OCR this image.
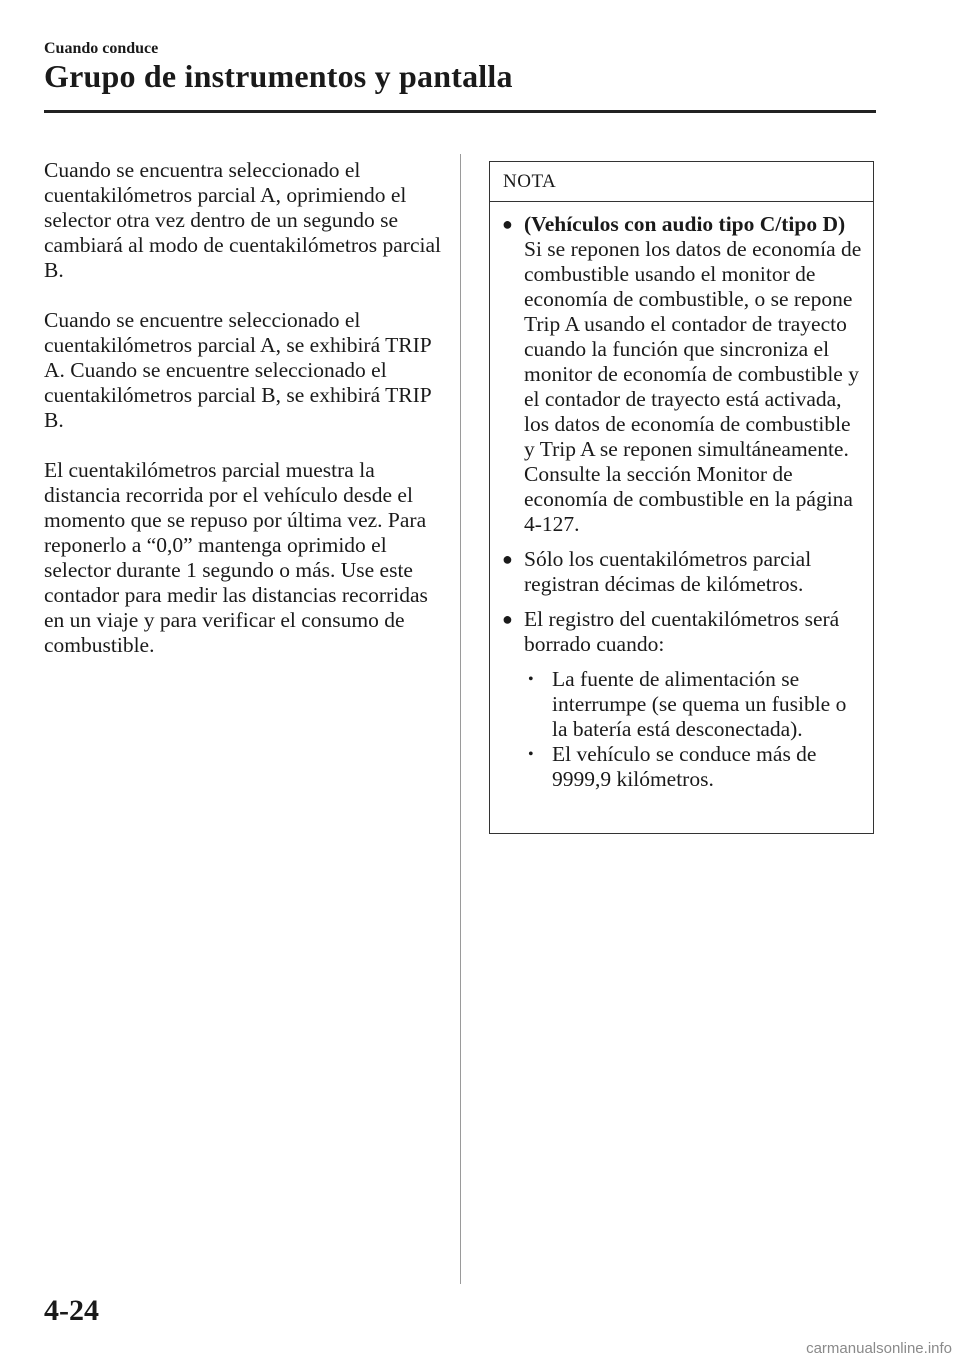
Cuando conduce
Grupo de instrumentos y pantalla

Cuando se encuentra seleccionado el cuentakilómetros parcial A, oprimiendo el selector otra vez dentro de un segundo se cambiará al modo de cuentakilómetros parcial B.

Cuando se encuentre seleccionado el cuentakilómetros parcial A, se exhibirá TRIP A. Cuando se encuentre seleccionado el cuentakilómetros parcial B, se exhibirá TRIP B.

El cuentakilómetros parcial muestra la distancia recorrida por el vehículo desde el momento que se repuso por última vez. Para reponerlo a “0,0” mantenga oprimido el selector durante 1 segundo o más. Use este contador para medir las distancias recorridas en un viaje y para verificar el consumo de combustible.

NOTA
● (Vehículos con audio tipo C/tipo D)
Si se reponen los datos de economía de combustible usando el monitor de economía de combustible, o se repone Trip A usando el contador de trayecto cuando la función que sincroniza el monitor de economía de combustible y el contador de trayecto está activada, los datos de economía de combustible y Trip A se reponen simultáneamente.
Consulte la sección Monitor de economía de combustible en la página 4-127.
● Sólo los cuentakilómetros parcial registran décimas de kilómetros.
● El registro del cuentakilómetros será borrado cuando:
• La fuente de alimentación se interrumpe (se quema un fusible o la batería está desconectada).
• El vehículo se conduce más de 9999,9 kilómetros.
4-24
carmanualsonline.info
